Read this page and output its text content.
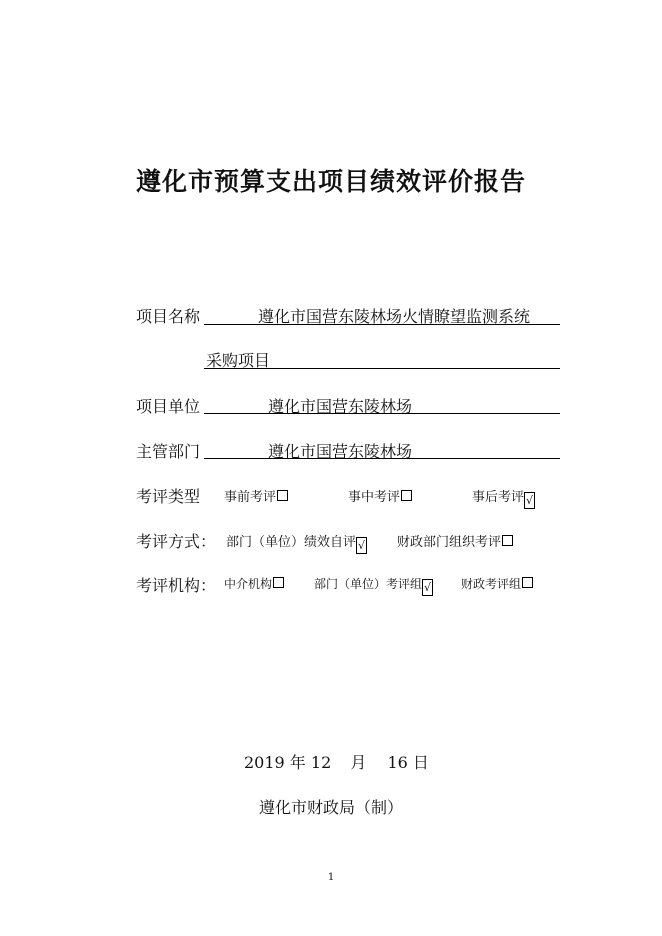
遵化市预算支出项目绩效评价报告
项目名称	遵化市国营东陵林场火情瞭望监测系统
采购项目
项目单位	遵化市国营东陵林场
主管部门	遵化市国营东陵林场
考评类型 事前考评	事中考评	事后考评 √
考评方式： 部门（单位）绩效自评 √ 财政部门组织考评
考评机构： 中介机构	部门（单位）考评组 √ 财政考评组
2019 年 12 月 16 日
遵化市财政局（制）
1
